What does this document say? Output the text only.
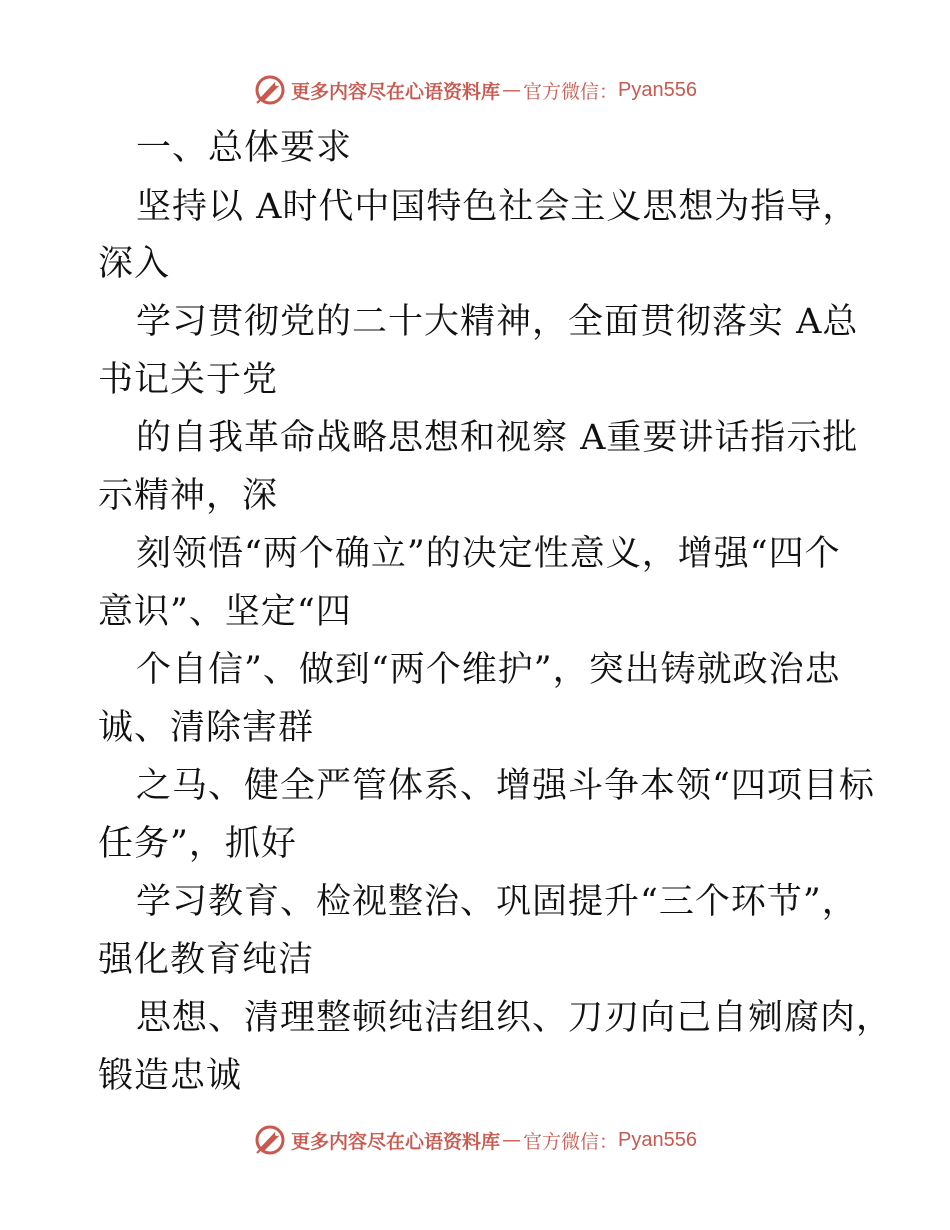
更多内容尽在心语资料库 — 官方微信： Pyan556
一、总体要求
坚持以 A时代中国特色社会主义思想为指导，
深入
学习贯彻党的二十大精神，全面贯彻落实 A总
书记关于党
的自我革命战略思想和视察 A重要讲话指示批
示精神，深
刻领悟“两个确立”的决定性意义，增强“四个
意识”、坚定“四
个自信”、做到“两个维护”，突出铸就政治忠
诚、清除害群
之马、健全严管体系、增强斗争本领“四项目标
任务”，抓好
学习教育、检视整治、巩固提升“三个环节”，
强化教育纯洁
思想、清理整顿纯洁组织、刀刃向己自剜腐肉，
锻造忠诚
更多内容尽在心语资料库 — 官方微信： Pyan556
